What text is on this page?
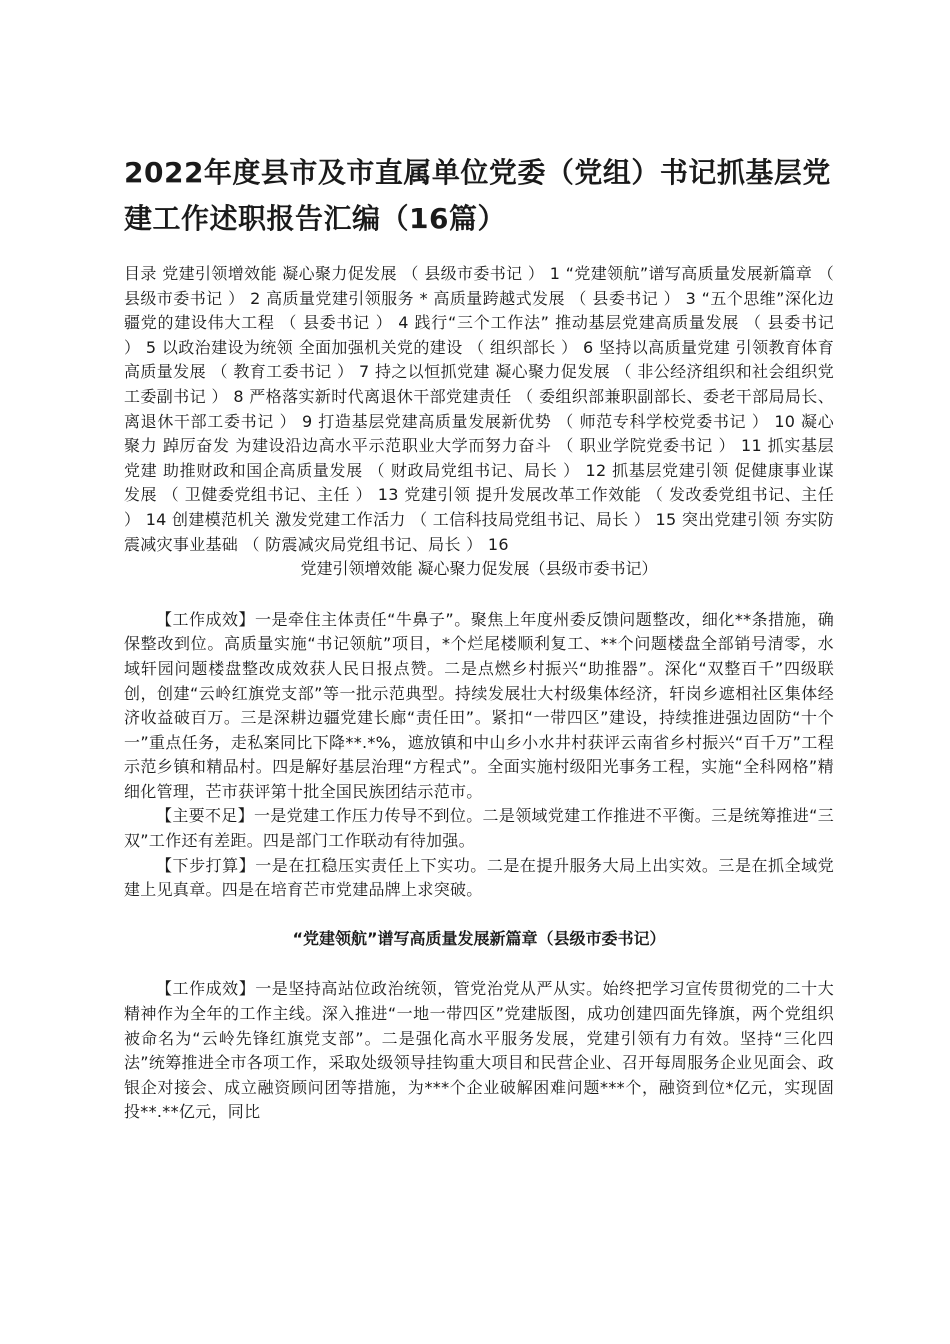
2022年度县市及市直属单位党委（党组）书记抓基层党建工作述职报告汇编（16篇）

目录 党建引领增效能 凝心聚力促发展 （ 县级市委书记 ） 1 “党建领航”谱写高质量发展新篇章 （ 县级市委书记 ） 2 高质量党建引领服务 * 高质量跨越式发展 （ 县委书记 ） 3 “五个思维”深化边疆党的建设伟大工程 （ 县委书记 ） 4 践行“三个工作法” 推动基层党建高质量发展 （ 县委书记 ） 5 以政治建设为统领 全面加强机关党的建设 （ 组织部长 ） 6 坚持以高质量党建 引领教育体育高质量发展 （ 教育工委书记 ） 7 持之以恒抓党建 凝心聚力促发展 （ 非公经济组织和社会组织党工委副书记 ） 8 严格落实新时代离退休干部党建责任 （ 委组织部兼职副部长、委老干部局局长、离退休干部工委书记 ） 9 打造基层党建高质量发展新优势 （ 师范专科学校党委书记 ） 10 凝心聚力 踔厉奋发 为建设沿边高水平示范职业大学而努力奋斗 （ 职业学院党委书记 ） 11 抓实基层党建 助推财政和国企高质量发展 （ 财政局党组书记、局长 ） 12 抓基层党建引领 促健康事业谋发展 （ 卫健委党组书记、主任 ） 13 党建引领 提升发展改革工作效能 （ 发改委党组书记、主任 ） 14 创建模范机关 激发党建工作活力 （ 工信科技局党组书记、局长 ） 15 突出党建引领 夯实防震减灾事业基础 （ 防震减灾局党组书记、局长 ） 16

党建引领增效能 凝心聚力促发展（县级市委书记）

【工作成效】一是牵住主体责任“牛鼻子”。聚焦上年度州委反馈问题整改，细化**条措施，确保整改到位。高质量实施“书记领航”项目，*个烂尾楼顺利复工、**个问题楼盘全部销号清零，水域轩园问题楼盘整改成效获人民日报点赞。二是点燃乡村振兴“助推器”。深化“双整百千”四级联创，创建“云岭红旗党支部”等一批示范典型。持续发展壮大村级集体经济，轩岗乡遮相社区集体经济收益破百万。三是深耕边疆党建长廊“责任田”。紧扣“一带四区”建设，持续推进强边固防“十个一”重点任务，走私案同比下降**.*%，遮放镇和中山乡小水井村获评云南省乡村振兴“百千万”工程示范乡镇和精品村。四是解好基层治理“方程式”。全面实施村级阳光事务工程，实施“全科网格”精细化管理，芒市获评第十批全国民族团结示范市。

【主要不足】一是党建工作压力传导不到位。二是领域党建工作推进不平衡。三是统筹推进“三双”工作还有差距。四是部门工作联动有待加强。

【下步打算】一是在扛稳压实责任上下实功。二是在提升服务大局上出实效。三是在抓全域党建上见真章。四是在培育芒市党建品牌上求突破。

“党建领航”谱写高质量发展新篇章（县级市委书记）

【工作成效】一是坚持高站位政治统领，管党治党从严从实。始终把学习宣传贯彻党的二十大精神作为全年的工作主线。深入推进“一地一带四区”党建版图，成功创建四面先锋旗，两个党组织被命名为“云岭先锋红旗党支部”。二是强化高水平服务发展，党建引领有力有效。坚持“三化四法”统筹推进全市各项工作，采取处级领导挂钩重大项目和民营企业、召开每周服务企业见面会、政银企对接会、成立融资顾问团等措施，为***个企业破解困难问题***个，融资到位*亿元，实现固投**.**亿元，同比
